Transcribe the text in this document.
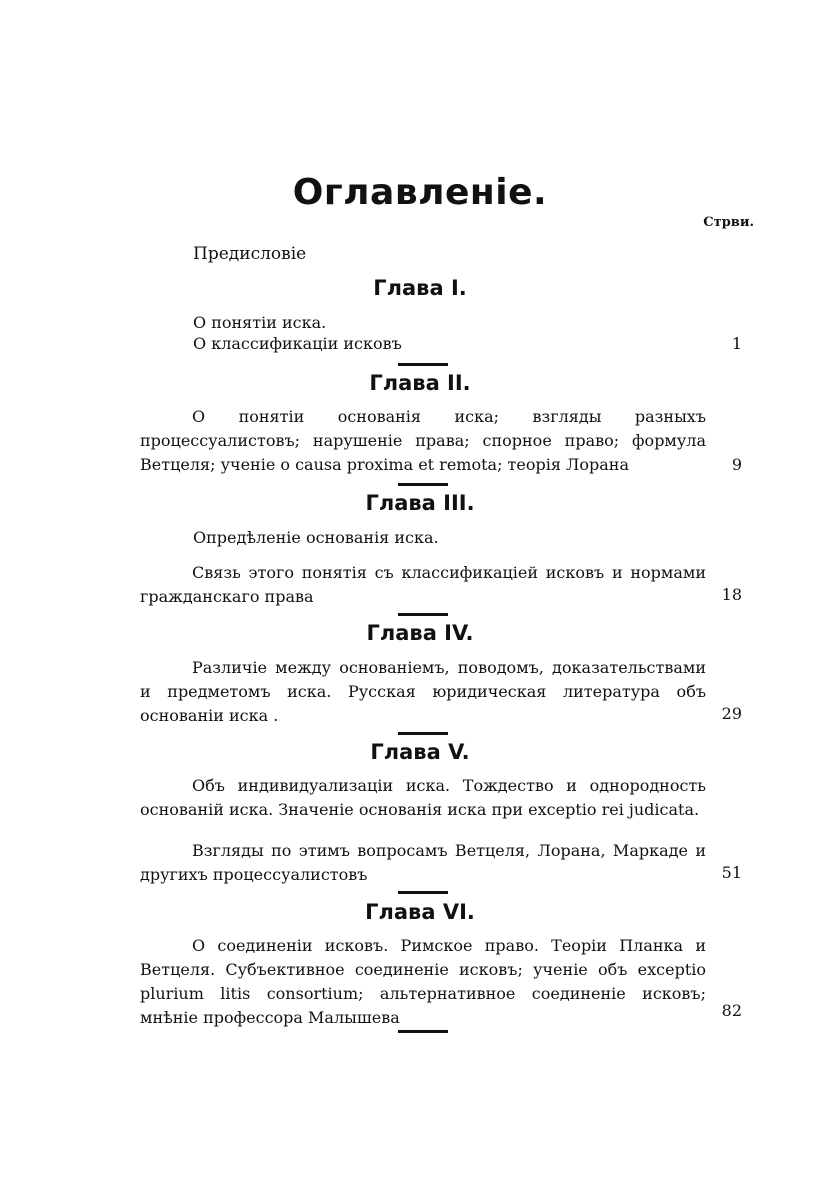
Оглавленіе.
Стрви.
Предисловіе
Глава I.
О понятіи иска.
О классификаціи исковъ	1
Глава II.
О понятіи основанія иска; взгляды разныхъ процессуалистовъ; нарушеніе права; спорное право; формула Ветцеля; ученіе о causa proxima et remota; теорія Лорана	9
Глава III.
Опредѣленіе основанія иска.
Связь этого понятія съ классификаціей исковъ и нормами гражданскаго права	18
Глава IV.
Различіе между основаніемъ, поводомъ, доказательствами и предметомъ иска. Русская юридическая литература объ основаніи иска .	29
Глава V.
Объ индивидуализаціи иска. Тождество и однородность основаній иска. Значеніе основанія иска при exceptio rei judicata.
Взгляды по этимъ вопросамъ Ветцеля, Лорана, Маркаде и другихъ процессуалистовъ	51
Глава VI.
О соединеніи исковъ. Римское право. Теоріи Планка и Ветцеля. Субъективное соединеніе исковъ; ученіе объ exceptio plurium litis consortium; альтернативное соединеніе исковъ; мнѣніе профессора Малышева	82
